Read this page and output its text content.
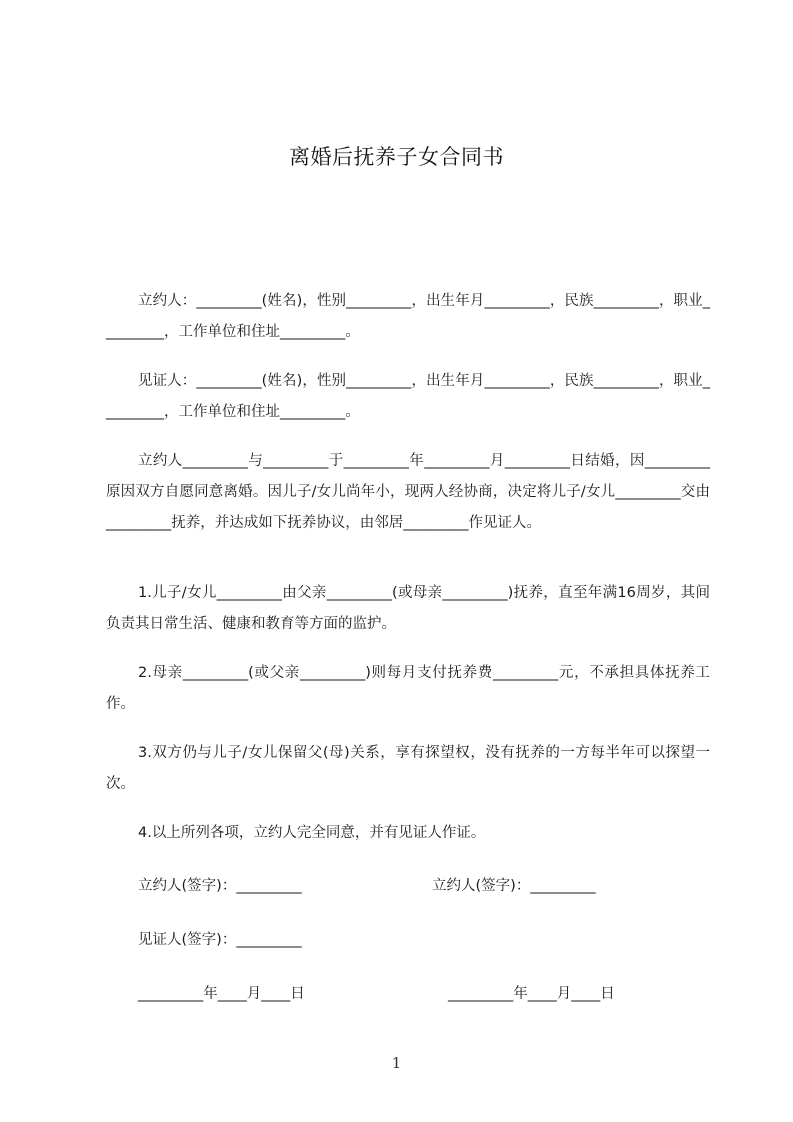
离婚后抚养子女合同书
立约人：_________(姓名)，性别_________，出生年月_________，民族_________，职业_________，工作单位和住址_________。
见证人：_________(姓名)，性别_________，出生年月_________，民族_________，职业_________，工作单位和住址_________。
立约人_________与_________于_________年_________月_________日结婚，因_________原因双方自愿同意离婚。因儿子/女儿尚年小，现两人经协商，决定将儿子/女儿_________交由_________抚养，并达成如下抚养协议，由邻居_________作见证人。
1.儿子/女儿_________由父亲_________(或母亲_________)抚养，直至年满16周岁，其间负责其日常生活、健康和教育等方面的监护。
2.母亲_________(或父亲_________)则每月支付抚养费_________元，不承担具体抚养工作。
3.双方仍与儿子/女儿保留父(母)关系，享有探望权，没有抚养的一方每半年可以探望一次。
4.以上所列各项，立约人完全同意，并有见证人作证。
立约人(签字)：_________	立约人(签字)：_________
见证人(签字)：_________
_________年____月____日	_________年____月____日
1
